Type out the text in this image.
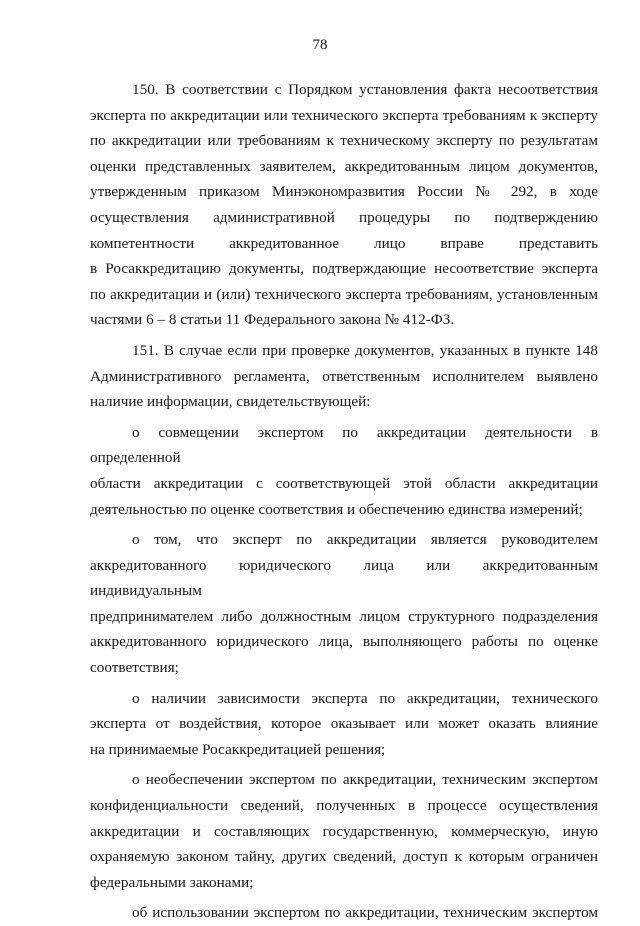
78
150. В соответствии с Порядком установления факта несоответствия
эксперта по аккредитации или технического эксперта требованиям к эксперту
по аккредитации или требованиям к техническому эксперту по результатам
оценки представленных заявителем, аккредитованным лицом документов,
утвержденным приказом Минэкономразвития России № 292, в ходе
осуществления административной процедуры по подтверждению
компетентности аккредитованное лицо вправе представить
в Росаккредитацию документы, подтверждающие несоответствие эксперта
по аккредитации и (или) технического эксперта требованиям, установленным
частями 6 – 8 статьи 11 Федерального закона № 412-ФЗ.
151. В случае если при проверке документов, указанных в пункте 148
Административного регламента, ответственным исполнителем выявлено
наличие информации, свидетельствующей:
о совмещении экспертом по аккредитации деятельности в определенной
области аккредитации с соответствующей этой области аккредитации
деятельностью по оценке соответствия и обеспечению единства измерений;
о том, что эксперт по аккредитации является руководителем
аккредитованного юридического лица или аккредитованным индивидуальным
предпринимателем либо должностным лицом структурного подразделения
аккредитованного юридического лица, выполняющего работы по оценке
соответствия;
о наличии зависимости эксперта по аккредитации, технического
эксперта от воздействия, которое оказывает или может оказать влияние
на принимаемые Росаккредитацией решения;
о необеспечении экспертом по аккредитации, техническим экспертом
конфиденциальности сведений, полученных в процессе осуществления
аккредитации и составляющих государственную, коммерческую, иную
охраняемую законом тайну, других сведений, доступ к которым ограничен
федеральными законами;
об использовании экспертом по аккредитации, техническим экспертом
